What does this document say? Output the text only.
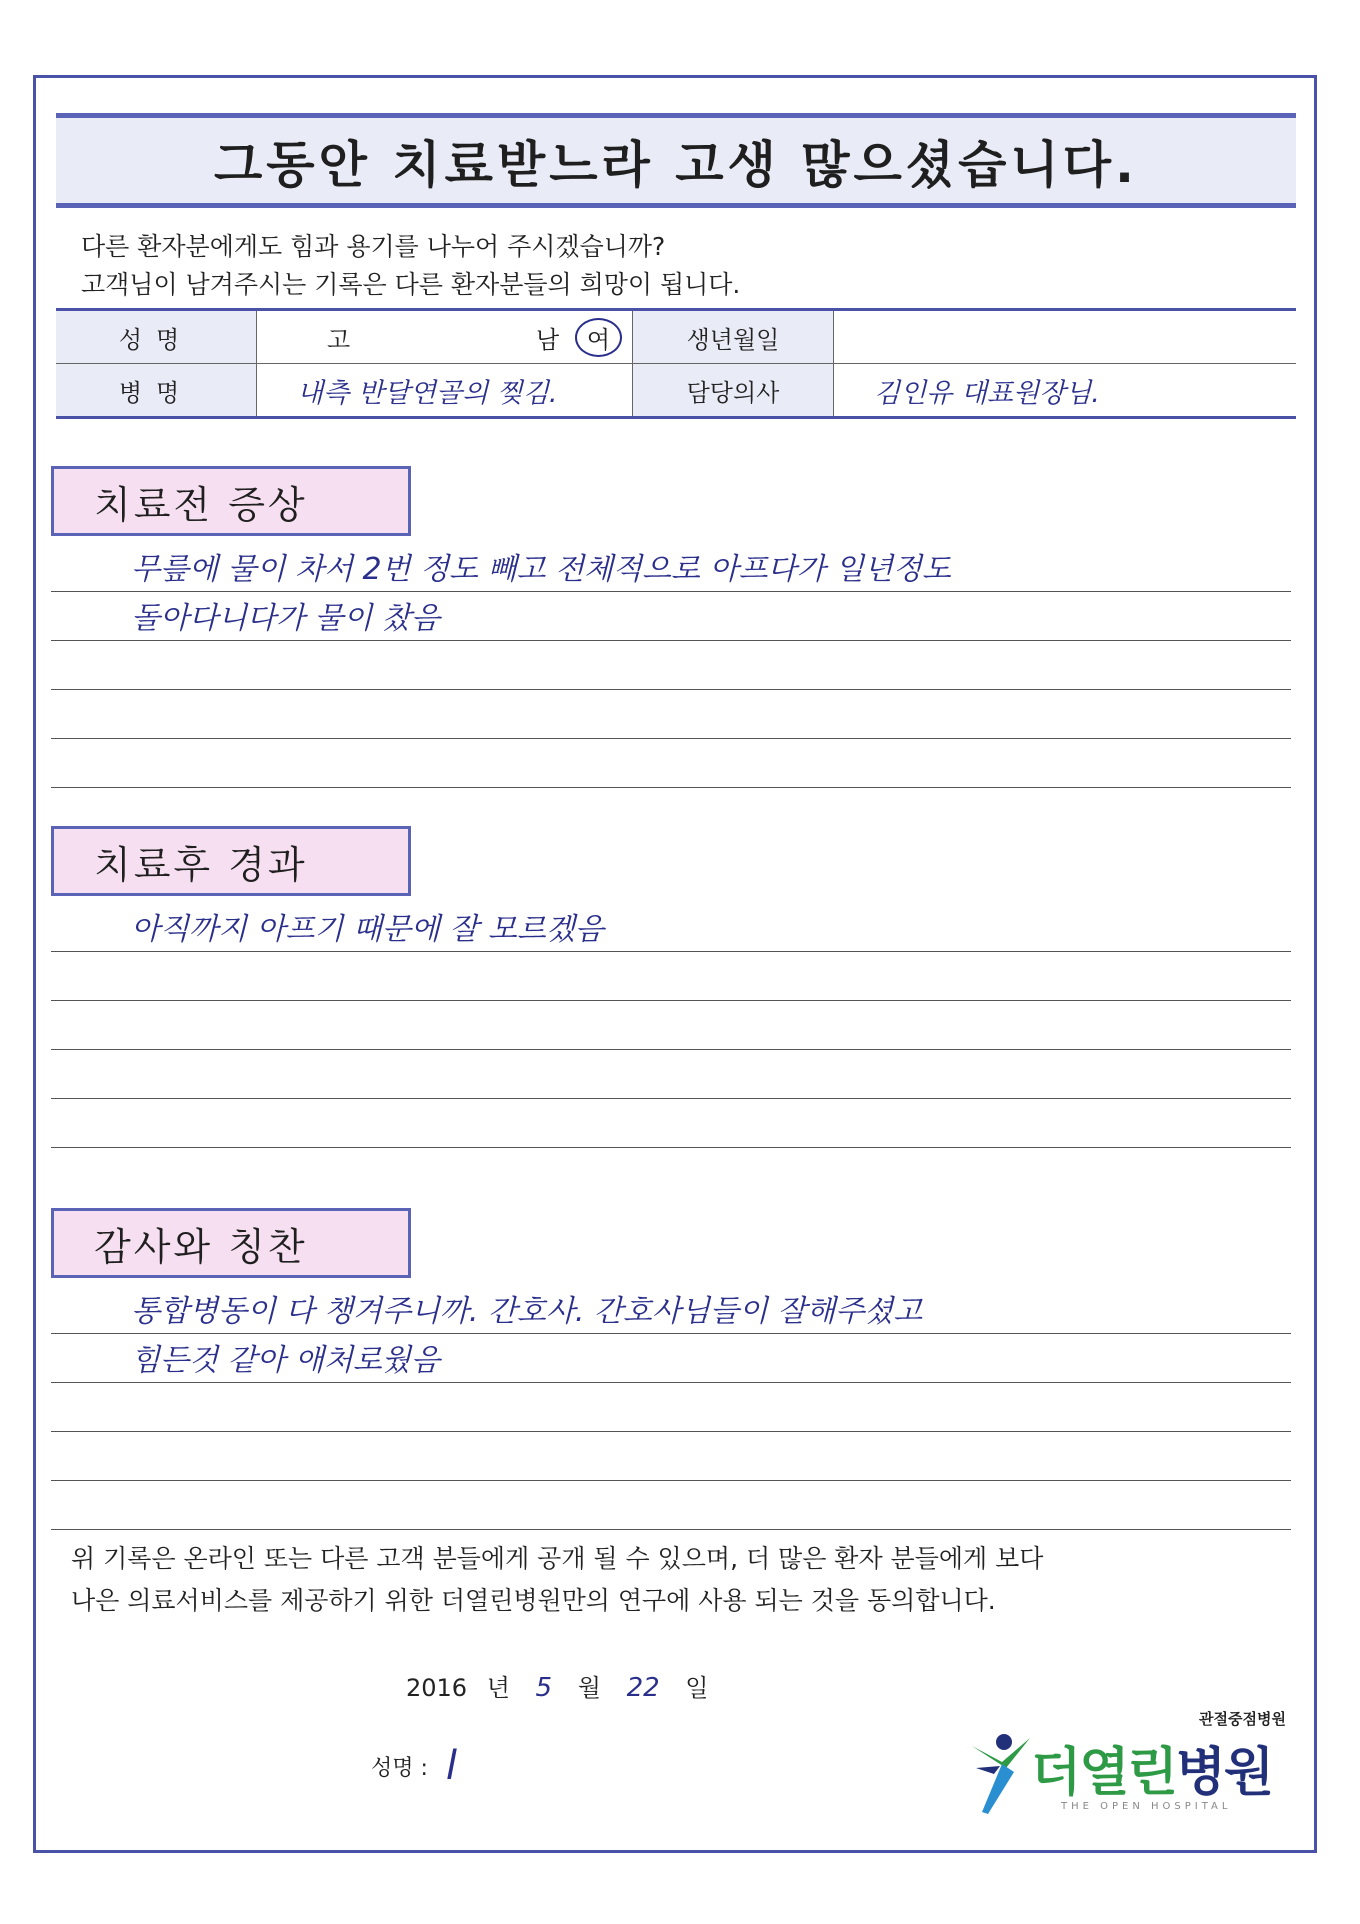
그동안 치료받느라 고생 많으셨습니다.
다른 환자분에게도 힘과 용기를 나누어 주시겠습니까?
고객님이 남겨주시는 기록은 다른 환자분들의 희망이 됩니다.
성명	고 남 여	생년월일	
병명	내측 반달연골의 찢김.	담당의사	김인유 대표원장님.
치료전 증상
무릎에 물이 차서 2번 정도 빼고 전체적으로 아프다가 일년정도
돌아다니다가 물이 찼음
치료후 경과
아직까지 아프기 때문에 잘 모르겠음
감사와 칭찬
통합병동이 다 챙겨주니까. 간호사. 간호사님들이 잘해주셨고
힘든것 같아 애처로웠음
위 기록은 온라인 또는 다른 고객 분들에게 공개 될 수 있으며, 더 많은 환자 분들에게 보다
나은 의료서비스를 제공하기 위한 더열린병원만의 연구에 사용 되는 것을 동의합니다.
2016 년 5 월 22 일
성명 : l
관절중점병원
더열린병원
THE OPEN HOSPITAL
